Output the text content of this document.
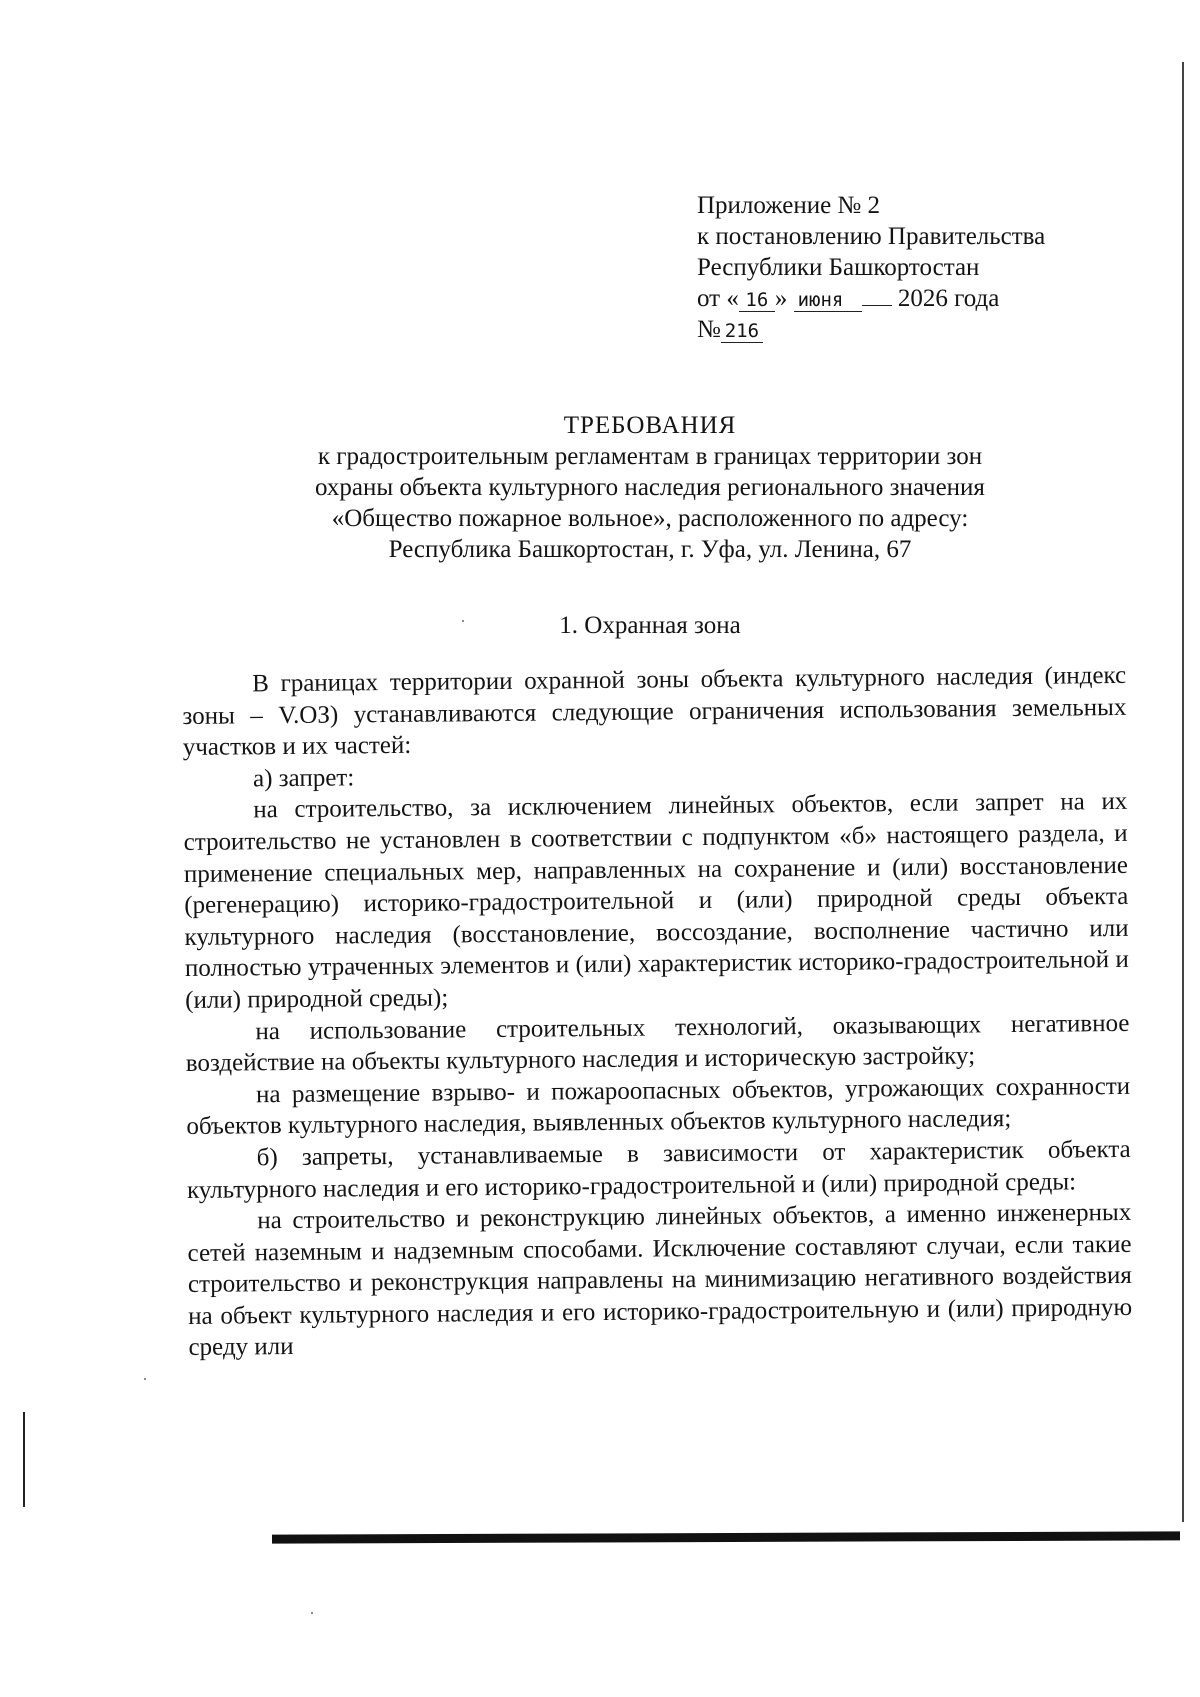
Приложение № 2
к постановлению Правительства
Республики Башкортостан
от « 16 » июня 2026 года
№ 216
ТРЕБОВАНИЯ
к градостроительным регламентам в границах территории зон
охраны объекта культурного наследия регионального значения
«Общество пожарное вольное», расположенного по адресу:
Республика Башкортостан, г. Уфа, ул. Ленина, 67
1. Охранная зона

В границах территории охранной зоны объекта культурного наследия (индекс зоны – V.ОЗ) устанавливаются следующие ограничения использования земельных участков и их частей:

а) запрет:

на строительство, за исключением линейных объектов, если запрет на их строительство не установлен в соответствии с подпунктом «б» настоящего раздела, и применение специальных мер, направленных на сохранение и (или) восстановление (регенерацию) историко-градостроительной и (или) природной среды объекта культурного наследия (восстановление, воссоздание, восполнение частично или полностью утраченных элементов и (или) характеристик историко-градостроительной и (или) природной среды);

на использование строительных технологий, оказывающих негативное воздействие на объекты культурного наследия и историческую застройку;

на размещение взрыво- и пожароопасных объектов, угрожающих сохранности объектов культурного наследия, выявленных объектов культурного наследия;

б) запреты, устанавливаемые в зависимости от характеристик объекта культурного наследия и его историко-градостроительной и (или) природной среды:

на строительство и реконструкцию линейных объектов, а именно инженерных сетей наземным и надземным способами. Исключение составляют случаи, если такие строительство и реконструкция направлены на минимизацию негативного воздействия на объект культурного наследия и его историко-градостроительную и (или) природную среду или
